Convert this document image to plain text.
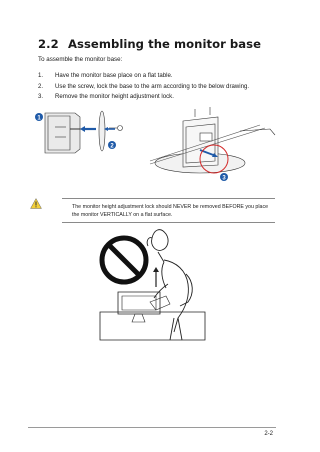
2.2 Assembling the monitor base
To assemble the monitor base:
1. Have the monitor base place on a flat table.
2. Use the screw, lock the base to the arm according to the below drawing.
3. Remove the monitor height adjustment lock.
1
2
3
The monitor height adjustment lock should NEVER be removed BEFORE you place the monitor VERTICALLY on a flat surface.
2-2
